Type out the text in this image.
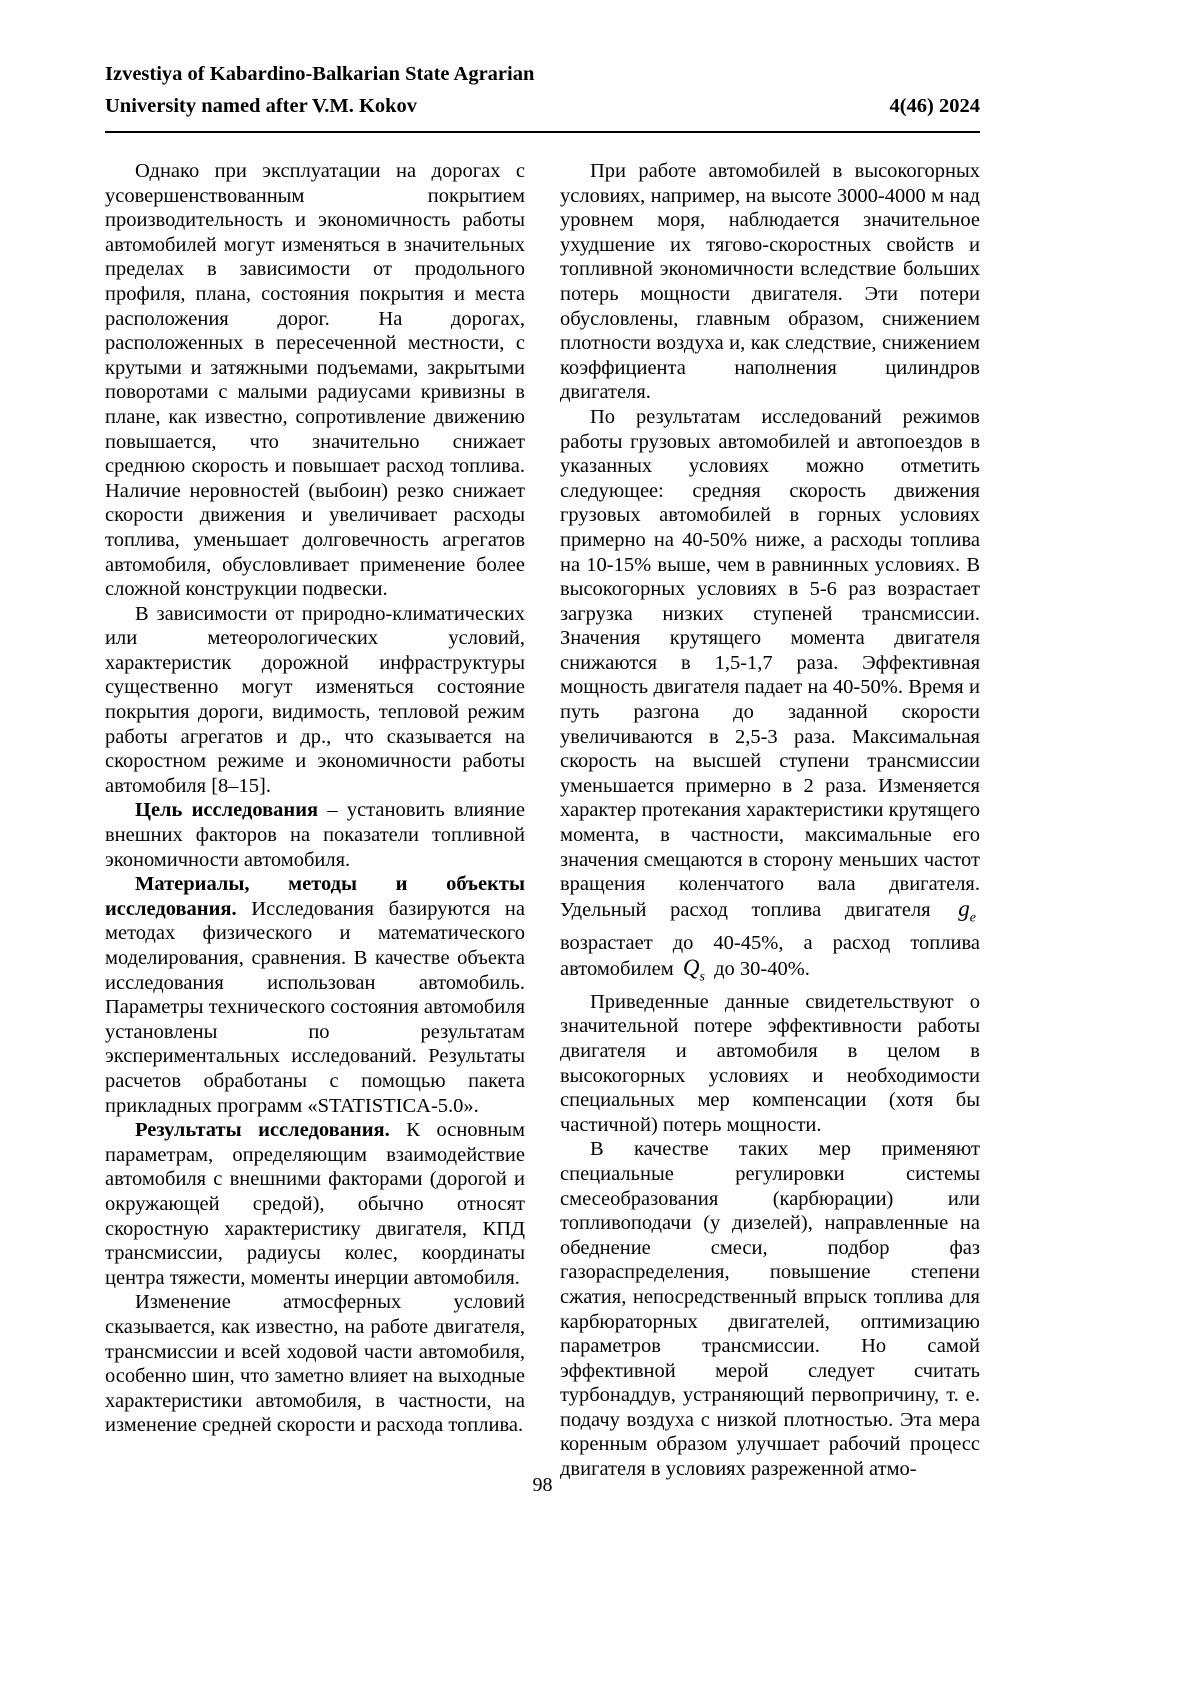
Izvestiya of Kabardino-Balkarian State Agrarian
University named after V.M. Kokov	4(46) 2024

Однако при эксплуатации на дорогах с усовершенствованным покрытием производительность и экономичность работы автомобилей могут изменяться в значительных пределах в зависимости от продольного профиля, плана, состояния покрытия и места расположения дорог. На дорогах, расположенных в пересеченной местности, с крутыми и затяжными подъемами, закрытыми поворотами с малыми радиусами кривизны в плане, как известно, сопротивление движению повышается, что значительно снижает среднюю скорость и повышает расход топлива. Наличие неровностей (выбоин) резко снижает скорости движения и увеличивает расходы топлива, уменьшает долговечность агрегатов автомобиля, обусловливает применение более сложной конструкции подвески.

В зависимости от природно-климатических или метеорологических условий, характеристик дорожной инфраструктуры существенно могут изменяться состояние покрытия дороги, видимость, тепловой режим работы агрегатов и др., что сказывается на скоростном режиме и экономичности работы автомобиля [8–15].

Цель исследования – установить влияние внешних факторов на показатели топливной экономичности автомобиля.

Материалы, методы и объекты исследования. Исследования базируются на методах физического и математического моделирования, сравнения. В качестве объекта исследования использован автомобиль. Параметры технического состояния автомобиля установлены по результатам экспериментальных исследований. Результаты расчетов обработаны с помощью пакета прикладных программ «STATISTICA-5.0».

Результаты исследования. К основным параметрам, определяющим взаимодействие автомобиля с внешними факторами (дорогой и окружающей средой), обычно относят скоростную характеристику двигателя, КПД трансмиссии, радиусы колес, координаты центра тяжести, моменты инерции автомобиля.

Изменение атмосферных условий сказывается, как известно, на работе двигателя, трансмиссии и всей ходовой части автомобиля, особенно шин, что заметно влияет на выходные характеристики автомобиля, в частности, на изменение средней скорости и расхода топлива.

При работе автомобилей в высокогорных условиях, например, на высоте 3000-4000 м над уровнем моря, наблюдается значительное ухудшение их тягово-скоростных свойств и топливной экономичности вследствие больших потерь мощности двигателя. Эти потери обусловлены, главным образом, снижением плотности воздуха и, как следствие, снижением коэффициента наполнения цилиндров двигателя.

По результатам исследований режимов работы грузовых автомобилей и автопоездов в указанных условиях можно отметить следующее: средняя скорость движения грузовых автомобилей в горных условиях примерно на 40-50% ниже, а расходы топлива на 10-15% выше, чем в равнинных условиях. В высокогорных условиях в 5-6 раз возрастает загрузка низких ступеней трансмиссии. Значения крутящего момента двигателя снижаются в 1,5-1,7 раза. Эффективная мощность двигателя падает на 40-50%. Время и путь разгона до заданной скорости увеличиваются в 2,5-3 раза. Максимальная скорость на высшей ступени трансмиссии уменьшается примерно в 2 раза. Изменяется характер протекания характеристики крутящего момента, в частности, максимальные его значения смещаются в сторону меньших частот вращения коленчатого вала двигателя. Удельный расход топлива двигателя $g_e$ возрастает до 40-45%, а расход топлива автомобилем $Q_s$ до 30-40%.

Приведенные данные свидетельствуют о значительной потере эффективности работы двигателя и автомобиля в целом в высокогорных условиях и необходимости специальных мер компенсации (хотя бы частичной) потерь мощности.

В качестве таких мер применяют специальные регулировки системы смесеобразования (карбюрации) или топливоподачи (у дизелей), направленные на обеднение смеси, подбор фаз газораспределения, повышение степени сжатия, непосредственный впрыск топлива для карбюраторных двигателей, оптимизацию параметров трансмиссии. Но самой эффективной мерой следует считать турбонаддув, устраняющий первопричину, т. е. подачу воздуха с низкой плотностью. Эта мера коренным образом улучшает рабочий процесс двигателя в условиях разреженной атмо-

98
